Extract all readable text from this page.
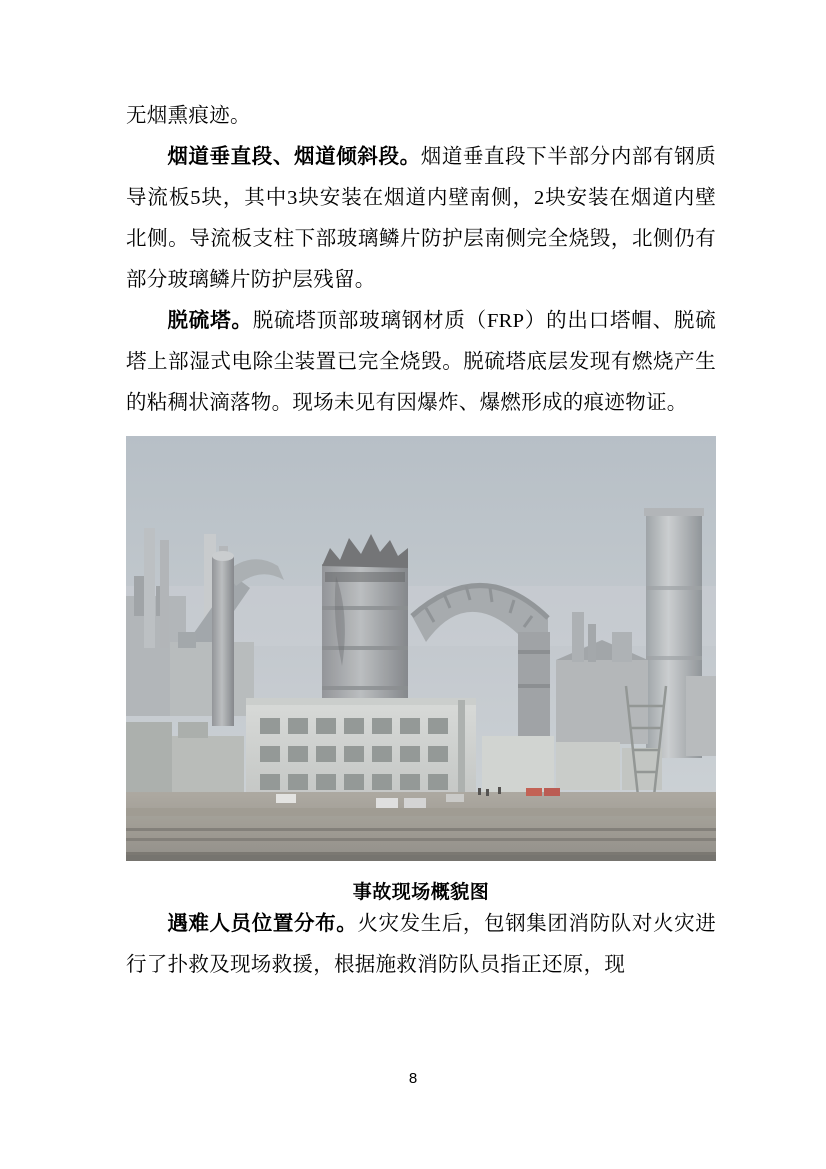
无烟熏痕迹。

烟道垂直段、烟道倾斜段。烟道垂直段下半部分内部有钢质导流板5块，其中3块安装在烟道内壁南侧，2块安装在烟道内壁北侧。导流板支柱下部玻璃鳞片防护层南侧完全烧毁，北侧仍有部分玻璃鳞片防护层残留。

脱硫塔。脱硫塔顶部玻璃钢材质（FRP）的出口塔帽、脱硫塔上部湿式电除尘装置已完全烧毁。脱硫塔底层发现有燃烧产生的粘稠状滴落物。现场未见有因爆炸、爆燃形成的痕迹物证。

事故现场概貌图

遇难人员位置分布。火灾发生后，包钢集团消防队对火灾进行了扑救及现场救援，根据施救消防队员指正还原，现

8
